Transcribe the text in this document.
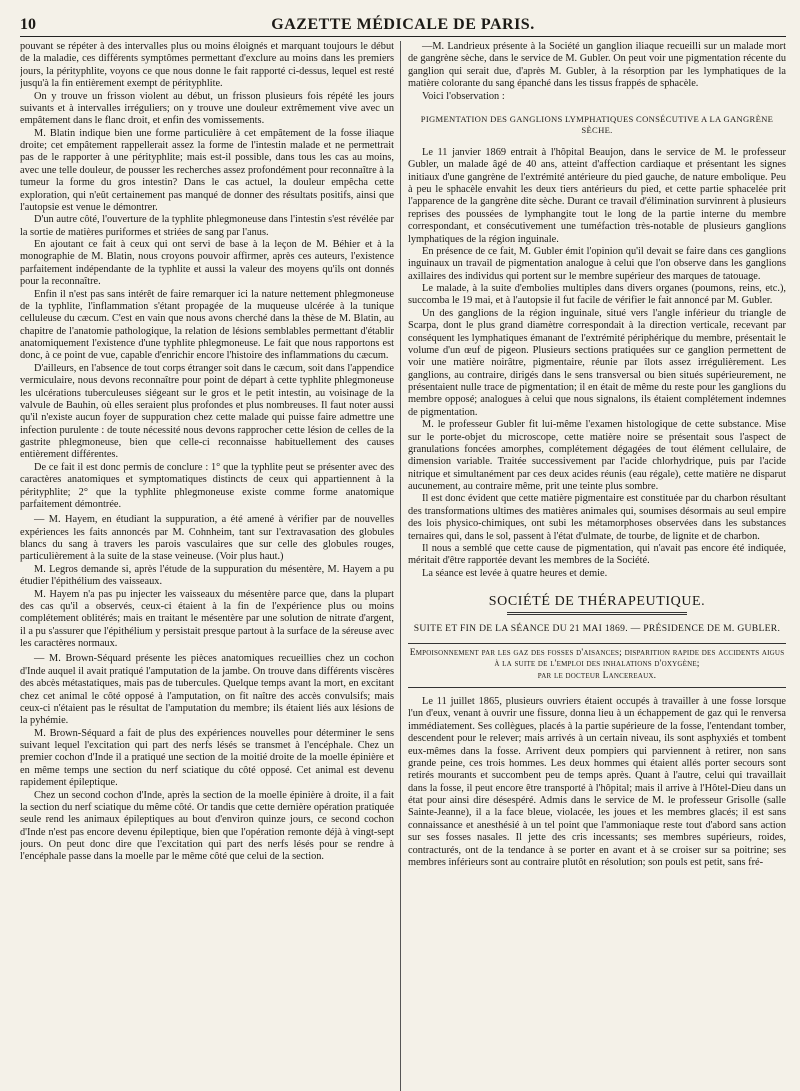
10	GAZETTE MÉDICALE DE PARIS.

pouvant se répéter à des intervalles plus ou moins éloignés et marquant toujours le début de la maladie, ces différents symptômes permettant d'exclure au moins dans les premiers jours, la pérityphlite, voyons ce que nous donne le fait rapporté ci-dessus, lequel est resté jusqu'à la fin entièrement exempt de pérityphlite.

On y trouve un frisson violent au début, un frisson plusieurs fois répété les jours suivants et à intervalles irréguliers; on y trouve une douleur extrêmement vive avec un empâtement dans le flanc droit, et enfin des vomissements.

M. Blatin indique bien une forme particulière à cet empâtement de la fosse iliaque droite; cet empâtement rappellerait assez la forme de l'intestin malade et ne permettrait pas de le rapporter à une pérityphlite; mais est-il possible, dans tous les cas au moins, avec une telle douleur, de pousser les recherches assez profondément pour reconnaître à la tumeur la forme du gros intestin? Dans le cas actuel, la douleur empêcha cette exploration, qui n'eût certainement pas manqué de donner des résultats positifs, ainsi que l'autopsie est venue le démontrer.

D'un autre côté, l'ouverture de la typhlite phlegmoneuse dans l'intestin s'est révélée par la sortie de matières puriformes et striées de sang par l'anus.

En ajoutant ce fait à ceux qui ont servi de base à la leçon de M. Béhier et à la monographie de M. Blatin, nous croyons pouvoir affirmer, après ces auteurs, l'existence parfaitement indépendante de la typhlite et aussi la valeur des moyens qu'ils ont donnés pour la reconnaître.

Enfin il n'est pas sans intérêt de faire remarquer ici la nature nettement phlegmoneuse de la typhlite, l'inflammation s'étant propagée de la muqueuse ulcérée à la tunique celluleuse du cæcum. C'est en vain que nous avons cherché dans la thèse de M. Blatin, au chapitre de l'anatomie pathologique, la relation de lésions semblables permettant d'établir anatomiquement l'existence d'une typhlite phlegmoneuse. Le fait que nous rapportons est donc, à ce point de vue, capable d'enrichir encore l'histoire des inflammations du cæcum.

D'ailleurs, en l'absence de tout corps étranger soit dans le cæcum, soit dans l'appendice vermiculaire, nous devons reconnaître pour point de départ à cette typhlite phlegmoneuse les ulcérations tuberculeuses siégeant sur le gros et le petit intestin, au voisinage de la valvule de Bauhin, où elles seraient plus profondes et plus nombreuses. Il faut noter aussi qu'il n'existe aucun foyer de suppuration chez cette malade qui puisse faire admettre une infection purulente : de toute nécessité nous devons rapprocher cette lésion de celles de la gastrite phlegmoneuse, bien que celle-ci reconnaisse habituellement des causes entièrement différentes.

De ce fait il est donc permis de conclure : 1° que la typhlite peut se présenter avec des caractères anatomiques et symptomatiques distincts de ceux qui appartiennent à la pérityphlite; 2° que la typhlite phlegmoneuse existe comme forme anatomique parfaitement démontrée.

— M. Hayem, en étudiant la suppuration, a été amené à vérifier par de nouvelles expériences les faits annoncés par M. Cohnheim, tant sur l'extravasation des globules blancs du sang à travers les parois vasculaires que sur celle des globules rouges, particulièrement à la suite de la stase veineuse. (Voir plus haut.)

M. Legros demande si, après l'étude de la suppuration du mésentère, M. Hayem a pu étudier l'épithélium des vaisseaux.

M. Hayem n'a pas pu injecter les vaisseaux du mésentère parce que, dans la plupart des cas qu'il a observés, ceux-ci étaient à la fin de l'expérience plus ou moins complétement oblitérés; mais en traitant le mésentère par une solution de nitrate d'argent, il a pu s'assurer que l'épithélium y persistait presque partout à la surface de la séreuse avec les caractères normaux.

— M. Brown-Séquard présente les pièces anatomiques recueillies chez un cochon d'Inde auquel il avait pratiqué l'amputation de la jambe. On trouve dans différents viscères des abcès métastatiques, mais pas de tubercules. Quelque temps avant la mort, en excitant chez cet animal le côté opposé à l'amputation, on fit naître des accès convulsifs; mais ceux-ci n'étaient pas le résultat de l'amputation du membre; ils étaient liés aux lésions de la pyhémie.

M. Brown-Séquard a fait de plus des expériences nouvelles pour déterminer le sens suivant lequel l'excitation qui part des nerfs lésés se transmet à l'encéphale. Chez un premier cochon d'Inde il a pratiqué une section de la moitié droite de la moelle épinière et en même temps une section du nerf sciatique du côté opposé. Cet animal est devenu rapidement épileptique.

Chez un second cochon d'Inde, après la section de la moelle épinière à droite, il a fait la section du nerf sciatique du même côté. Or tandis que cette dernière opération pratiquée seule rend les animaux épileptiques au bout d'environ quinze jours, ce second cochon d'Inde n'est pas encore devenu épileptique, bien que l'opération remonte déjà à vingt-sept jours. On peut donc dire que l'excitation qui part des nerfs lésés pour se rendre à l'encéphale passe dans la moelle par le même côté que celui de la section.

—M. Landrieux présente à la Société un ganglion iliaque recueilli sur un malade mort de gangrène sèche, dans le service de M. Gubler. On peut voir une pigmentation récente du ganglion qui serait due, d'après M. Gubler, à la résorption par les lymphatiques de la matière colorante du sang épanché dans les tissus frappés de sphacèle.

Voici l'observation :

PIGMENTATION DES GANGLIONS LYMPHATIQUES CONSÉCUTIVE A LA GANGRÈNE SÈCHE.

Le 11 janvier 1869 entrait à l'hôpital Beaujon, dans le service de M. le professeur Gubler, un malade âgé de 40 ans, atteint d'affection cardiaque et présentant les signes initiaux d'une gangrène de l'extrémité antérieure du pied gauche, de nature embolique. Peu à peu le sphacèle envahit les deux tiers antérieurs du pied, et cette partie sphacelée prit l'apparence de la gangrène dite sèche. Durant ce travail d'élimination survinrent à plusieurs reprises des poussées de lymphangite tout le long de la partie interne du membre correspondant, et consécutivement une tuméfaction très-notable de plusieurs ganglions lymphatiques de la région inguinale.

En présence de ce fait, M. Gubler émit l'opinion qu'il devait se faire dans ces ganglions inguinaux un travail de pigmentation analogue à celui que l'on observe dans les ganglions axillaires des individus qui portent sur le membre supérieur des marques de tatouage.

Le malade, à la suite d'embolies multiples dans divers organes (poumons, reins, etc.), succomba le 19 mai, et à l'autopsie il fut facile de vérifier le fait annoncé par M. Gubler.

Un des ganglions de la région inguinale, situé vers l'angle inférieur du triangle de Scarpa, dont le plus grand diamètre correspondait à la direction verticale, recevant par conséquent les lymphatiques émanant de l'extrémité périphérique du membre, présentait le volume d'un œuf de pigeon. Plusieurs sections pratiquées sur ce ganglion permettent de voir une matière noirâtre, pigmentaire, réunie par îlots assez irrégulièrement. Les ganglions, au contraire, dirigés dans le sens transversal ou bien situés supérieurement, ne présentaient nulle trace de pigmentation; il en était de même du reste pour les ganglions du membre opposé; analogues à celui que nous signalons, ils étaient complétement indemnes de pigmentation.

M. le professeur Gubler fit lui-même l'examen histologique de cette substance. Mise sur le porte-objet du microscope, cette matière noire se présentait sous l'aspect de granulations foncées amorphes, complétement dégagées de tout élément cellulaire, de dimension variable. Traitée successivement par l'acide chlorhydrique, puis par l'acide nitrique et simultanément par ces deux acides réunis (eau régale), cette matière ne disparut aucunement, au contraire même, prit une teinte plus sombre.

Il est donc évident que cette matière pigmentaire est constituée par du charbon résultant des transformations ultimes des matières animales qui, soumises désormais au seul empire des lois physico-chimiques, ont subi les métamorphoses observées dans les substances ternaires qui, dans le sol, passent à l'état d'ulmate, de tourbe, de lignite et de charbon.

Il nous a semblé que cette cause de pigmentation, qui n'avait pas encore été indiquée, méritait d'être rapportée devant les membres de la Société.

La séance est levée à quatre heures et demie.

SOCIÉTÉ DE THÉRAPEUTIQUE.
SUITE ET FIN DE LA SÉANCE DU 21 MAI 1869. — PRÉSIDENCE DE M. GUBLER.
Empoisonnement par les gaz des fosses d'aisances; disparition rapide des accidents aigus à la suite de l'emploi des inhalations d'oxygène;
par le docteur Lancereaux.

Le 11 juillet 1865, plusieurs ouvriers étaient occupés à travailler à une fosse lorsque l'un d'eux, venant à ouvrir une fissure, donna lieu à un échappement de gaz qui le renversa immédiatement. Ses collègues, placés à la partie supérieure de la fosse, l'entendant tomber, descendent pour le relever; mais arrivés à un certain niveau, ils sont asphyxiés et tombent eux-mêmes dans la fosse. Arrivent deux pompiers qui parviennent à retirer, non sans grande peine, ces trois hommes. Les deux hommes qui étaient allés porter secours sont retirés mourants et succombent peu de temps après. Quant à l'autre, celui qui travaillait dans la fosse, il peut encore être transporté à l'hôpital; mais il arrive à l'Hôtel-Dieu dans un état pour ainsi dire désespéré. Admis dans le service de M. le professeur Grisolle (salle Sainte-Jeanne), il a la face bleue, violacée, les joues et les membres glacés; il est sans connaissance et anesthésié à un tel point que l'ammoniaque reste tout d'abord sans action sur ses fosses nasales. Il jette des cris incessants; ses membres supérieurs, roides, contracturés, ont de la tendance à se porter en avant et à se croiser sur sa poitrine; ses membres inférieurs sont au contraire plutôt en résolution; son pouls est petit, sans fré-
